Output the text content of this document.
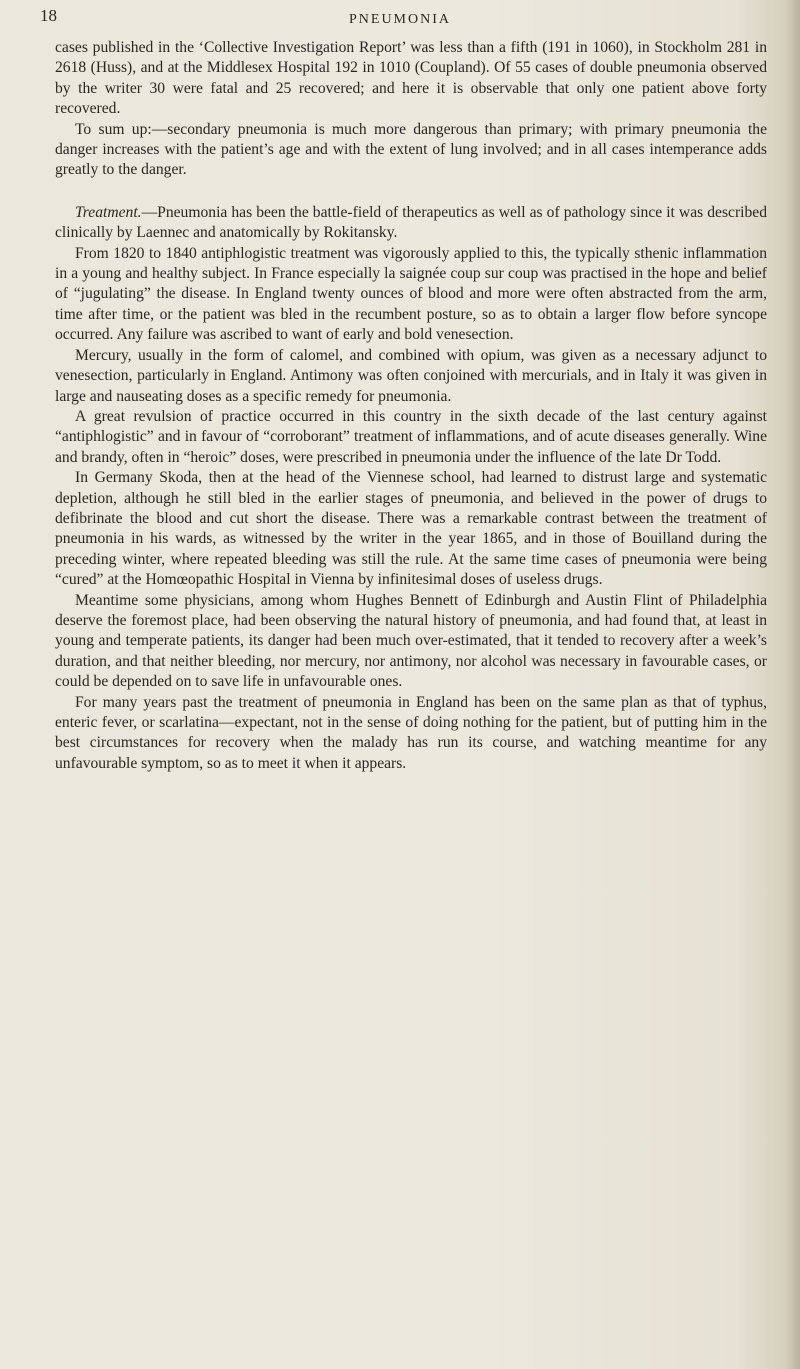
18	PNEUMONIA

cases published in the ‘Collective Investigation Report’ was less than a fifth (191 in 1060), in Stockholm 281 in 2618 (Huss), and at the Middlesex Hospital 192 in 1010 (Coupland). Of 55 cases of double pneumonia observed by the writer 30 were fatal and 25 recovered; and here it is observable that only one patient above forty recovered.

To sum up:—secondary pneumonia is much more dangerous than primary; with primary pneumonia the danger increases with the patient’s age and with the extent of lung involved; and in all cases intemperance adds greatly to the danger.

Treatment.—Pneumonia has been the battle-field of therapeutics as well as of pathology since it was described clinically by Laennec and anatomically by Rokitansky.

From 1820 to 1840 antiphlogistic treatment was vigorously applied to this, the typically sthenic inflammation in a young and healthy subject. In France especially la saignée coup sur coup was practised in the hope and belief of “jugulating” the disease. In England twenty ounces of blood and more were often abstracted from the arm, time after time, or the patient was bled in the recumbent posture, so as to obtain a larger flow before syncope occurred. Any failure was ascribed to want of early and bold venesection.

Mercury, usually in the form of calomel, and combined with opium, was given as a necessary adjunct to venesection, particularly in England. Antimony was often conjoined with mercurials, and in Italy it was given in large and nauseating doses as a specific remedy for pneumonia.

A great revulsion of practice occurred in this country in the sixth decade of the last century against “antiphlogistic” and in favour of “corroborant” treatment of inflammations, and of acute diseases generally. Wine and brandy, often in “heroic” doses, were prescribed in pneumonia under the influence of the late Dr Todd.

In Germany Skoda, then at the head of the Viennese school, had learned to distrust large and systematic depletion, although he still bled in the earlier stages of pneumonia, and believed in the power of drugs to defibrinate the blood and cut short the disease. There was a remarkable contrast between the treatment of pneumonia in his wards, as witnessed by the writer in the year 1865, and in those of Bouilland during the preceding winter, where repeated bleeding was still the rule. At the same time cases of pneumonia were being “cured” at the Homœopathic Hospital in Vienna by infinitesimal doses of useless drugs.

Meantime some physicians, among whom Hughes Bennett of Edinburgh and Austin Flint of Philadelphia deserve the foremost place, had been observing the natural history of pneumonia, and had found that, at least in young and temperate patients, its danger had been much over-estimated, that it tended to recovery after a week’s duration, and that neither bleeding, nor mercury, nor antimony, nor alcohol was necessary in favourable cases, or could be depended on to save life in unfavourable ones.

For many years past the treatment of pneumonia in England has been on the same plan as that of typhus, enteric fever, or scarlatina—expectant, not in the sense of doing nothing for the patient, but of putting him in the best circumstances for recovery when the malady has run its course, and watching meantime for any unfavourable symptom, so as to meet it when it appears.
